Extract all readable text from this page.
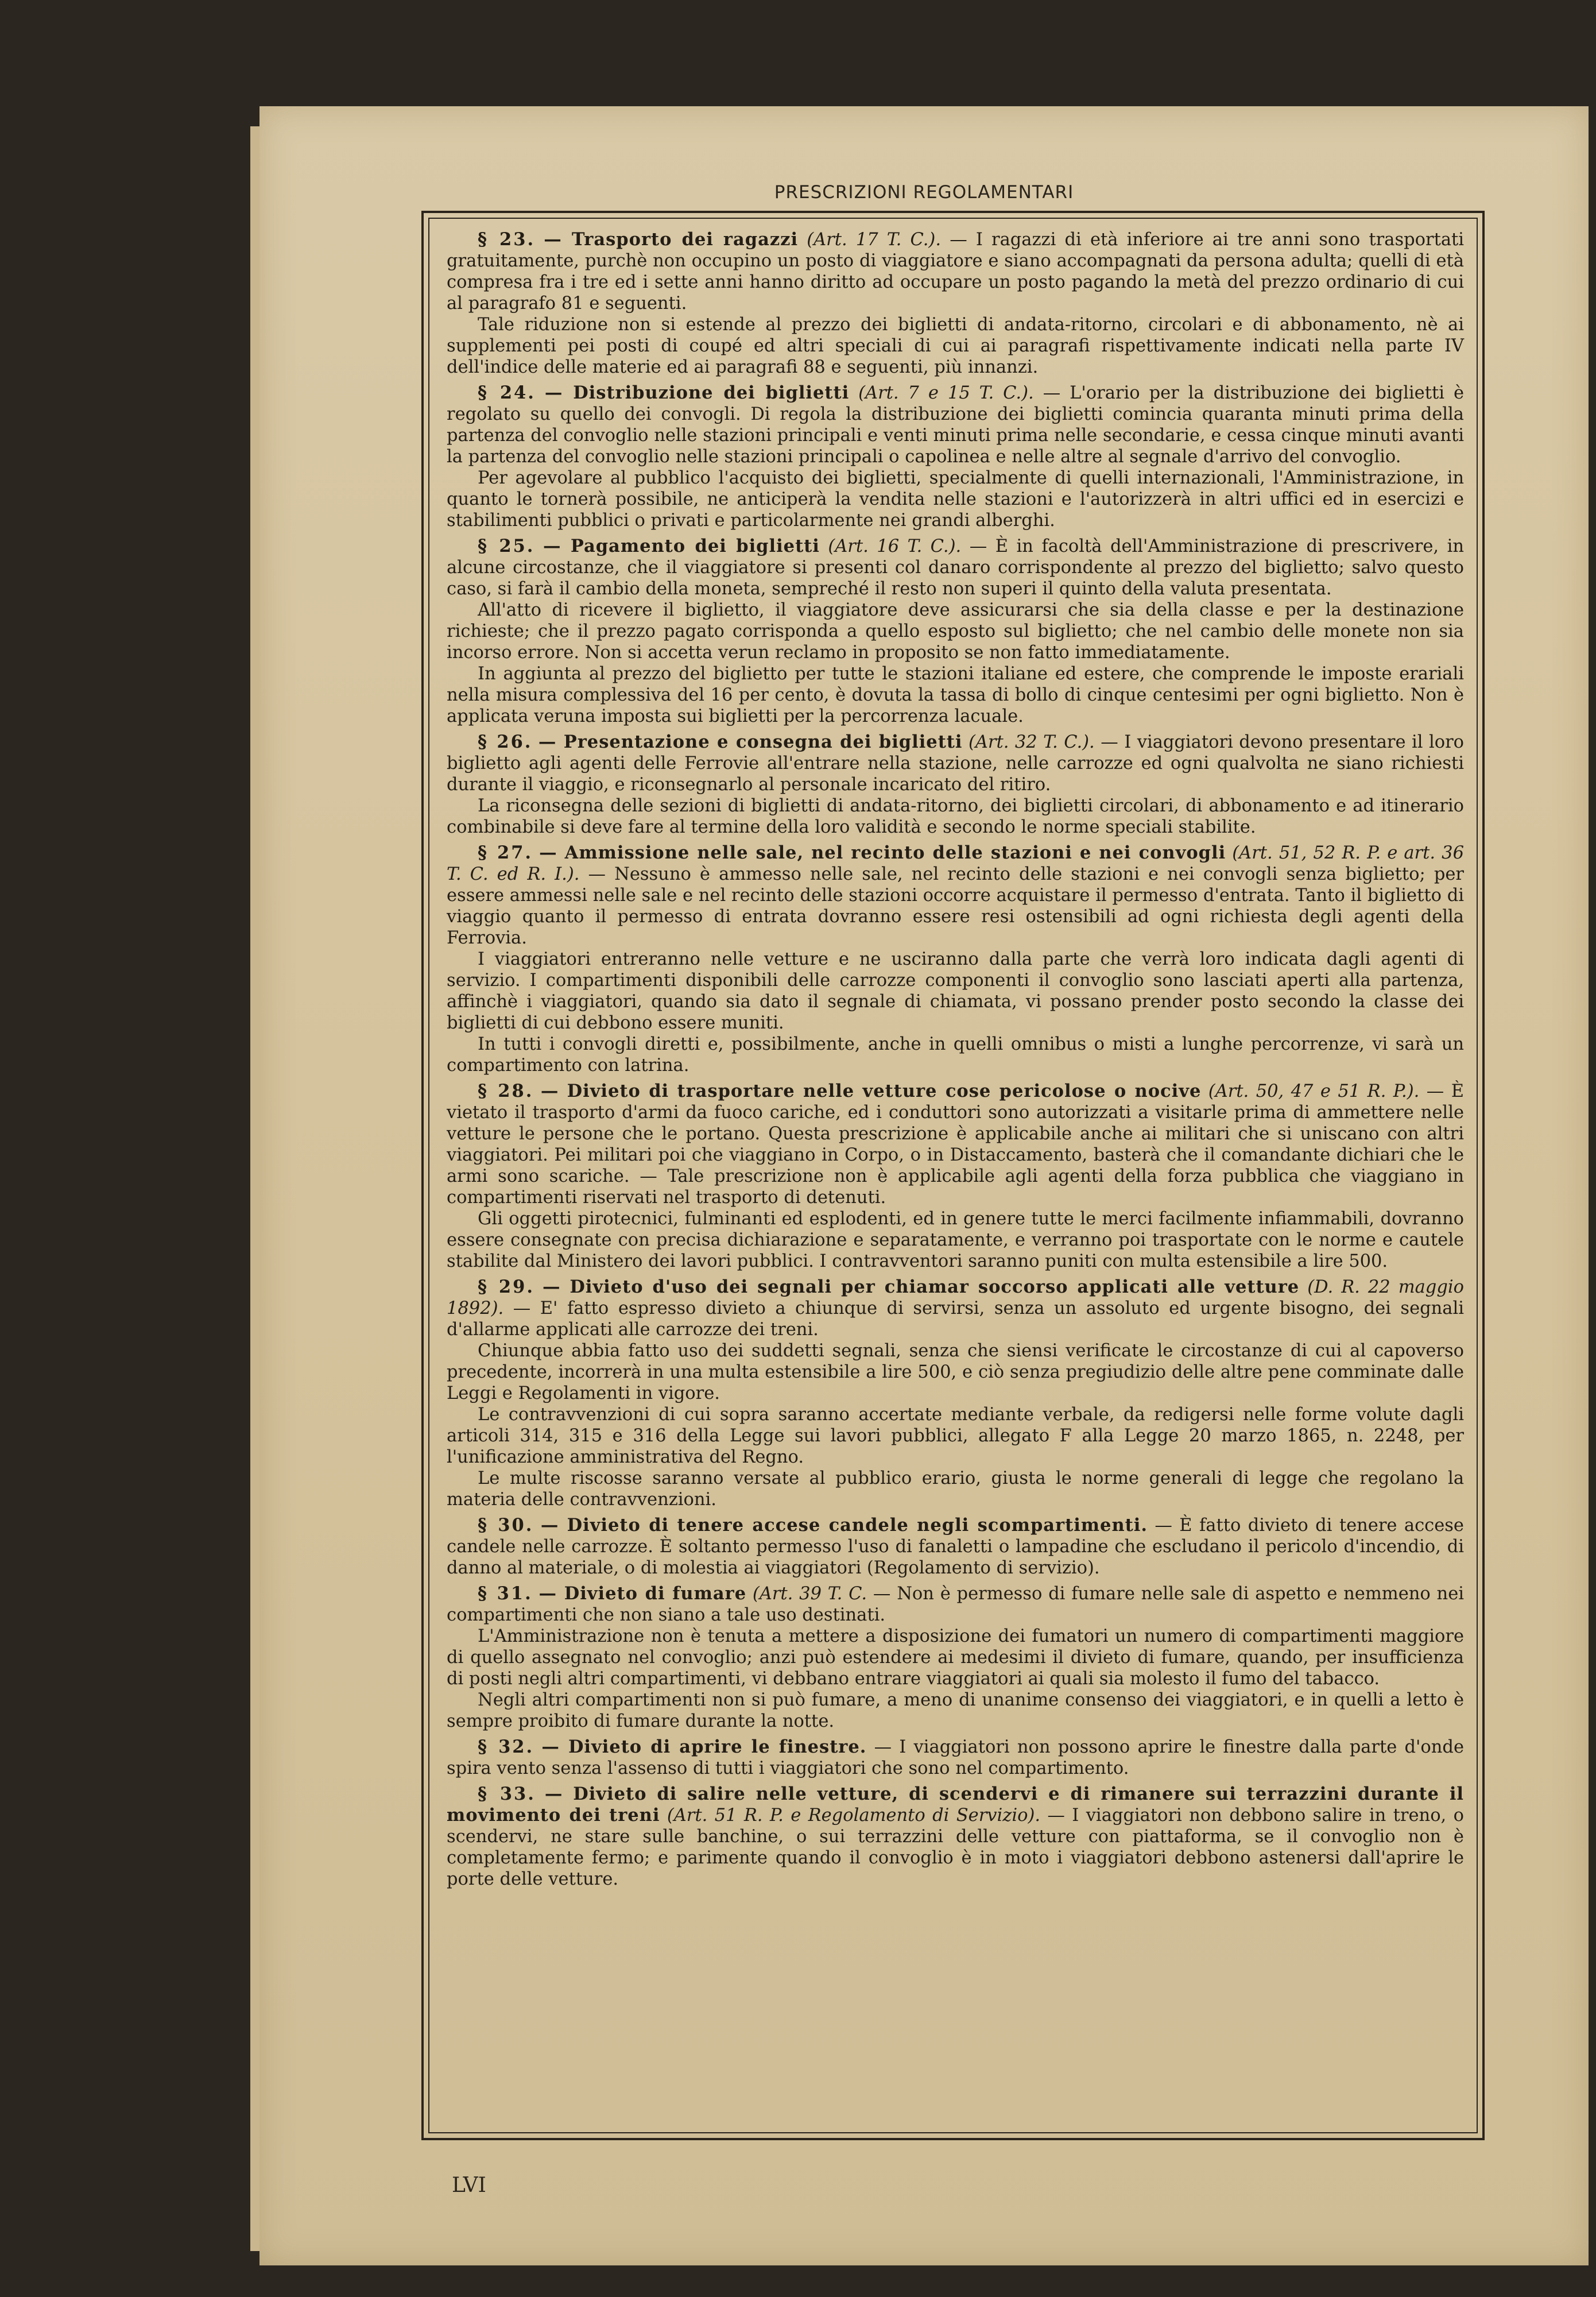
PRESCRIZIONI REGOLAMENTARI

§ 23. — Trasporto dei ragazzi (Art. 17 T. C.). — I ragazzi di età inferiore ai tre anni sono trasportati gratuitamente, purchè non occupino un posto di viaggiatore e siano accompagnati da persona adulta; quelli di età compresa fra i tre ed i sette anni hanno diritto ad occupare un posto pagando la metà del prezzo ordinario di cui al paragrafo 81 e seguenti.

Tale riduzione non si estende al prezzo dei biglietti di andata-ritorno, circolari e di abbonamento, nè ai supplementi pei posti di coupé ed altri speciali di cui ai paragrafi rispettivamente indicati nella parte IV dell'indice delle materie ed ai paragrafi 88 e seguenti, più innanzi.

§ 24. — Distribuzione dei biglietti (Art. 7 e 15 T. C.). — L'orario per la distribuzione dei biglietti è regolato su quello dei convogli. Di regola la distribuzione dei biglietti comincia quaranta minuti prima della partenza del convoglio nelle stazioni principali e venti minuti prima nelle secondarie, e cessa cinque minuti avanti la partenza del convoglio nelle stazioni principali o capolinea e nelle altre al segnale d'arrivo del convoglio.

Per agevolare al pubblico l'acquisto dei biglietti, specialmente di quelli internazionali, l'Amministrazione, in quanto le tornerà possibile, ne anticiperà la vendita nelle stazioni e l'autorizzerà in altri uffici ed in esercizi e stabilimenti pubblici o privati e particolarmente nei grandi alberghi.

§ 25. — Pagamento dei biglietti (Art. 16 T. C.). — È in facoltà dell'Amministrazione di prescrivere, in alcune circostanze, che il viaggiatore si presenti col danaro corrispondente al prezzo del biglietto; salvo questo caso, si farà il cambio della moneta, sempreché il resto non superi il quinto della valuta presentata.

All'atto di ricevere il biglietto, il viaggiatore deve assicurarsi che sia della classe e per la destinazione richieste; che il prezzo pagato corrisponda a quello esposto sul biglietto; che nel cambio delle monete non sia incorso errore. Non si accetta verun reclamo in proposito se non fatto immediatamente.

In aggiunta al prezzo del biglietto per tutte le stazioni italiane ed estere, che comprende le imposte erariali nella misura complessiva del 16 per cento, è dovuta la tassa di bollo di cinque centesimi per ogni biglietto. Non è applicata veruna imposta sui biglietti per la percorrenza lacuale.

§ 26. — Presentazione e consegna dei biglietti (Art. 32 T. C.). — I viaggiatori devono presentare il loro biglietto agli agenti delle Ferrovie all'entrare nella stazione, nelle carrozze ed ogni qualvolta ne siano richiesti durante il viaggio, e riconsegnarlo al personale incaricato del ritiro.

La riconsegna delle sezioni di biglietti di andata-ritorno, dei biglietti circolari, di abbonamento e ad itinerario combinabile si deve fare al termine della loro validità e secondo le norme speciali stabilite.

§ 27. — Ammissione nelle sale, nel recinto delle stazioni e nei convogli (Art. 51, 52 R. P. e art. 36 T. C. ed R. I.). — Nessuno è ammesso nelle sale, nel recinto delle stazioni e nei convogli senza biglietto; per essere ammessi nelle sale e nel recinto delle stazioni occorre acquistare il permesso d'entrata. Tanto il biglietto di viaggio quanto il permesso di entrata dovranno essere resi ostensibili ad ogni richiesta degli agenti della Ferrovia.

I viaggiatori entreranno nelle vetture e ne usciranno dalla parte che verrà loro indicata dagli agenti di servizio. I compartimenti disponibili delle carrozze componenti il convoglio sono lasciati aperti alla partenza, affinchè i viaggiatori, quando sia dato il segnale di chiamata, vi possano prender posto secondo la classe dei biglietti di cui debbono essere muniti.

In tutti i convogli diretti e, possibilmente, anche in quelli omnibus o misti a lunghe percorrenze, vi sarà un compartimento con latrina.

§ 28. — Divieto di trasportare nelle vetture cose pericolose o nocive (Art. 50, 47 e 51 R. P.). — È vietato il trasporto d'armi da fuoco cariche, ed i conduttori sono autorizzati a visitarle prima di ammettere nelle vetture le persone che le portano. Questa prescrizione è applicabile anche ai militari che si uniscano con altri viaggiatori. Pei militari poi che viaggiano in Corpo, o in Distaccamento, basterà che il comandante dichiari che le armi sono scariche. — Tale prescrizione non è applicabile agli agenti della forza pubblica che viaggiano in compartimenti riservati nel trasporto di detenuti.

Gli oggetti pirotecnici, fulminanti ed esplodenti, ed in genere tutte le merci facilmente infiammabili, dovranno essere consegnate con precisa dichiarazione e separatamente, e verranno poi trasportate con le norme e cautele stabilite dal Ministero dei lavori pubblici. I contravventori saranno puniti con multa estensibile a lire 500.

§ 29. — Divieto d'uso dei segnali per chiamar soccorso applicati alle vetture (D. R. 22 maggio 1892). — E' fatto espresso divieto a chiunque di servirsi, senza un assoluto ed urgente bisogno, dei segnali d'allarme applicati alle carrozze dei treni.

Chiunque abbia fatto uso dei suddetti segnali, senza che siensi verificate le circostanze di cui al capoverso precedente, incorrerà in una multa estensibile a lire 500, e ciò senza pregiudizio delle altre pene comminate dalle Leggi e Regolamenti in vigore.

Le contravvenzioni di cui sopra saranno accertate mediante verbale, da redigersi nelle forme volute dagli articoli 314, 315 e 316 della Legge sui lavori pubblici, allegato F alla Legge 20 marzo 1865, n. 2248, per l'unificazione amministrativa del Regno.

Le multe riscosse saranno versate al pubblico erario, giusta le norme generali di legge che regolano la materia delle contravvenzioni.

§ 30. — Divieto di tenere accese candele negli scompartimenti. — È fatto divieto di tenere accese candele nelle carrozze. È soltanto permesso l'uso di fanaletti o lampadine che escludano il pericolo d'incendio, di danno al materiale, o di molestia ai viaggiatori (Regolamento di servizio).

§ 31. — Divieto di fumare (Art. 39 T. C. — Non è permesso di fumare nelle sale di aspetto e nemmeno nei compartimenti che non siano a tale uso destinati.

L'Amministrazione non è tenuta a mettere a disposizione dei fumatori un numero di compartimenti maggiore di quello assegnato nel convoglio; anzi può estendere ai medesimi il divieto di fumare, quando, per insufficienza di posti negli altri compartimenti, vi debbano entrare viaggiatori ai quali sia molesto il fumo del tabacco.

Negli altri compartimenti non si può fumare, a meno di unanime consenso dei viaggiatori, e in quelli a letto è sempre proibito di fumare durante la notte.

§ 32. — Divieto di aprire le finestre. — I viaggiatori non possono aprire le finestre dalla parte d'onde spira vento senza l'assenso di tutti i viaggiatori che sono nel compartimento.

§ 33. — Divieto di salire nelle vetture, di scendervi e di rimanere sui terrazzini durante il movimento dei treni (Art. 51 R. P. e Regolamento di Servizio). — I viaggiatori non debbono salire in treno, o scendervi, ne stare sulle banchine, o sui terrazzini delle vetture con piattaforma, se il convoglio non è completamente fermo; e parimente quando il convoglio è in moto i viaggiatori debbono astenersi dall'aprire le porte delle vetture.

LVI
